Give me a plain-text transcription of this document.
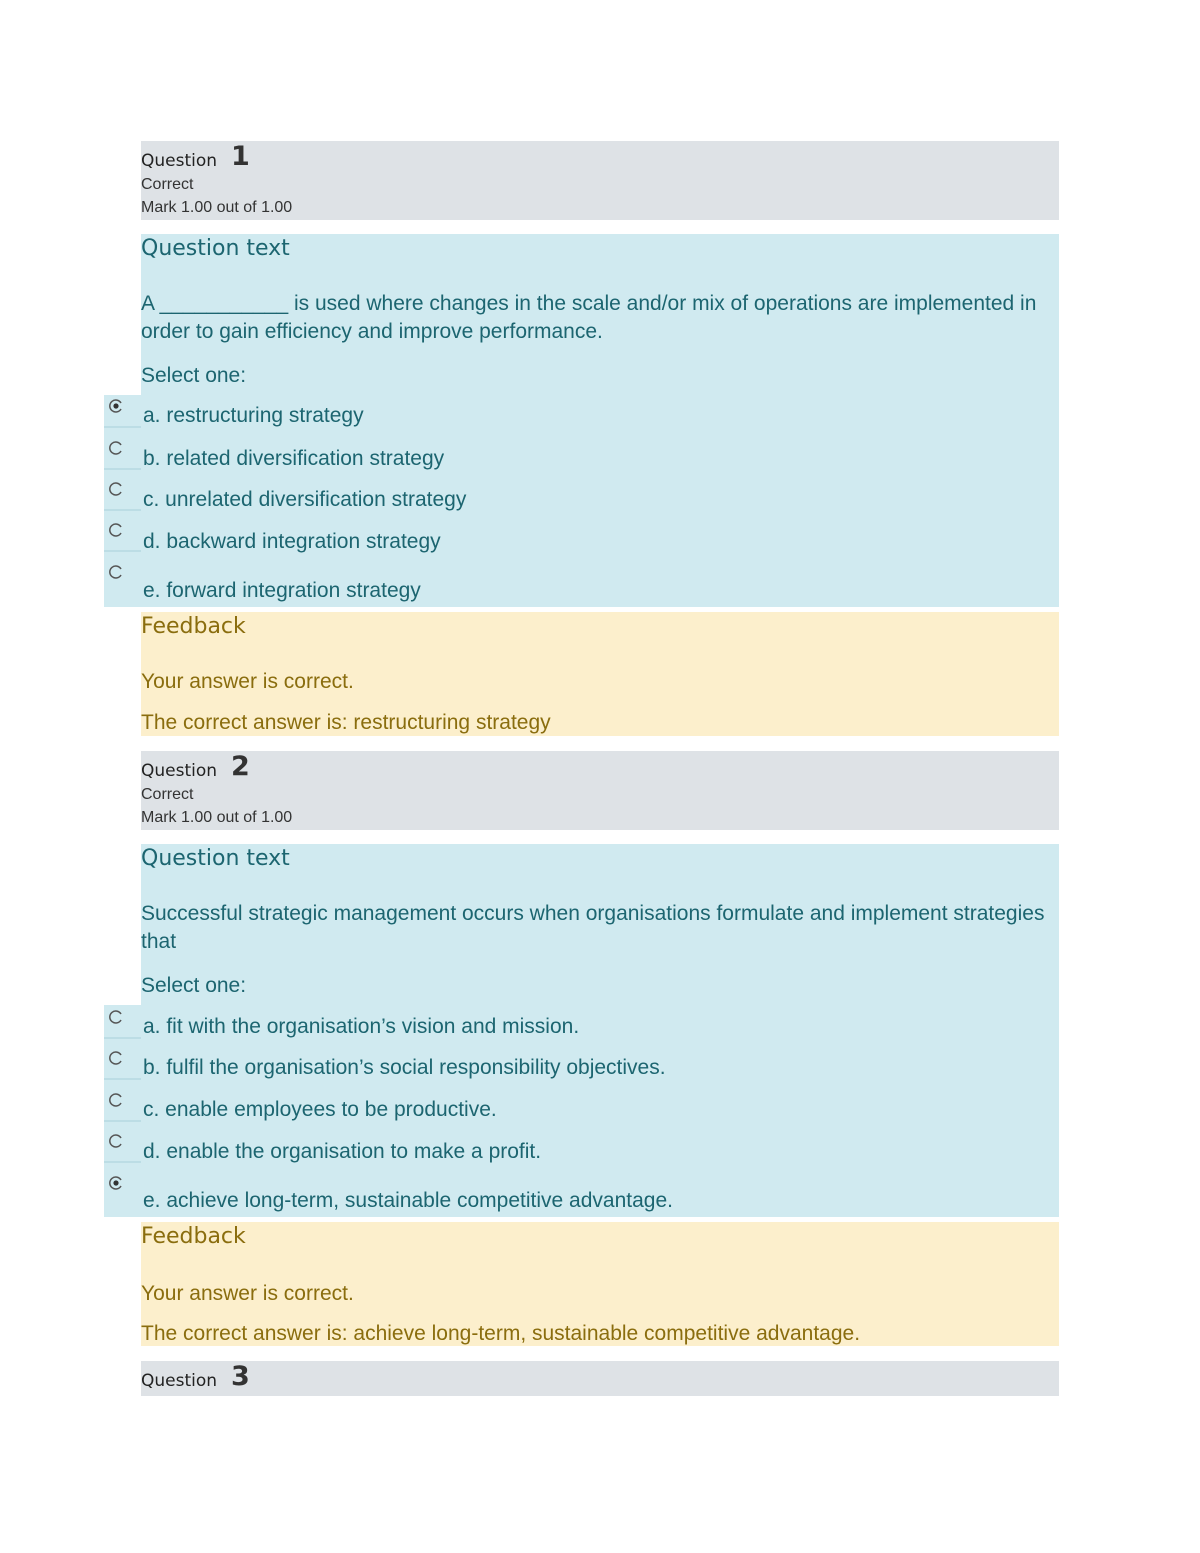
Question 1
Correct
Mark 1.00 out of 1.00
Question text
A ___________ is used where changes in the scale and/or mix of operations are implemented in order to gain efficiency and improve performance.
Select one:
a. restructuring strategy
b. related diversification strategy
c. unrelated diversification strategy
d. backward integration strategy
e. forward integration strategy
Feedback
Your answer is correct.
The correct answer is: restructuring strategy
Question 2
Correct
Mark 1.00 out of 1.00
Question text
Successful strategic management occurs when organisations formulate and implement strategies that
Select one:
a. fit with the organisation’s vision and mission.
b. fulfil the organisation’s social responsibility objectives.
c. enable employees to be productive.
d. enable the organisation to make a profit.
e. achieve long-term, sustainable competitive advantage.
Feedback
Your answer is correct.
The correct answer is: achieve long-term, sustainable competitive advantage.
Question 3
